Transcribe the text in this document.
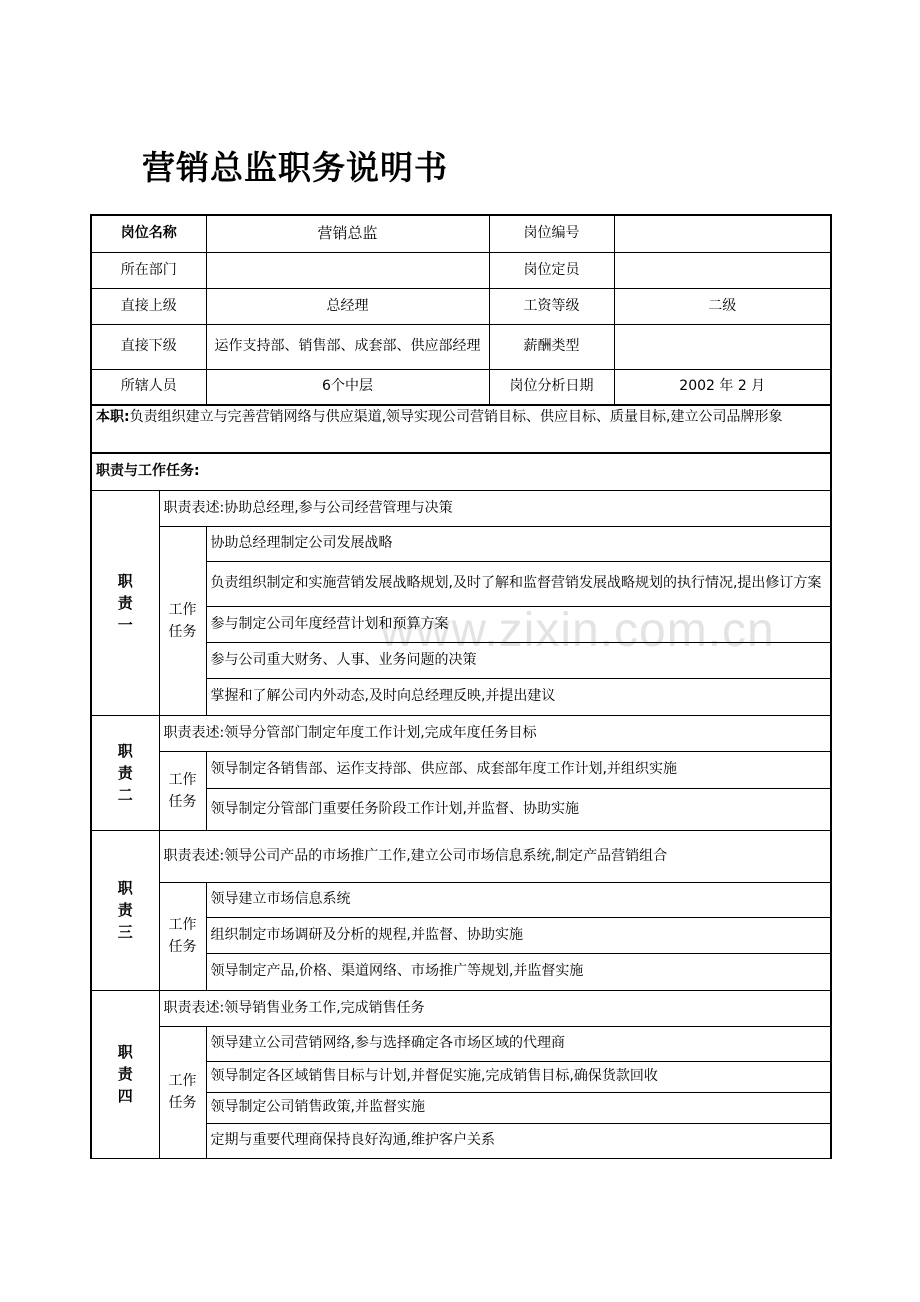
营销总监职务说明书
www.zixin.com.cn
岗位名称		营销总监	岗位编号	
所在部门			岗位定员	
直接上级		总经理	工资等级	二级
直接下级		运作支持部、销售部、成套部、供应部经理	薪酬类型	
所辖人员		6个中层	岗位分析日期	2002 年 2 月
本职:负责组织建立与完善营销网络与供应渠道,领导实现公司营销目标、供应目标、质量目标,建立公司品牌形象				
职责与工作任务:				

职
责
一	职责表述:协助总经理,参与公司经营管理与决策			

	工作
任务	协助总经理制定公司发展战略		
		负责组织制定和实施营销发展战略规划,及时了解和监督营销发展战略规划的执行情况,提出修订方案		
		参与制定公司年度经营计划和预算方案		
		参与公司重大财务、人事、业务问题的决策		
		掌握和了解公司内外动态,及时向总经理反映,并提出建议		

职
责
二	职责表述:领导分管部门制定年度工作计划,完成年度任务目标			

	工作
任务	领导制定各销售部、运作支持部、供应部、成套部年度工作计划,并组织实施		
		领导制定分管部门重要任务阶段工作计划,并监督、协助实施		

职
责
三	职责表述:领导公司产品的市场推广工作,建立公司市场信息系统,制定产品营销组合			

	工作
任务	领导建立市场信息系统		
		组织制定市场调研及分析的规程,并监督、协助实施		
		领导制定产品,价格、渠道网络、市场推广等规划,并监督实施		

职
责
四	职责表述:领导销售业务工作,完成销售任务			

	工作
任务	领导建立公司营销网络,参与选择确定各市场区域的代理商		
		领导制定各区域销售目标与计划,并督促实施,完成销售目标,确保货款回收		
		领导制定公司销售政策,并监督实施		
		定期与重要代理商保持良好沟通,维护客户关系		
